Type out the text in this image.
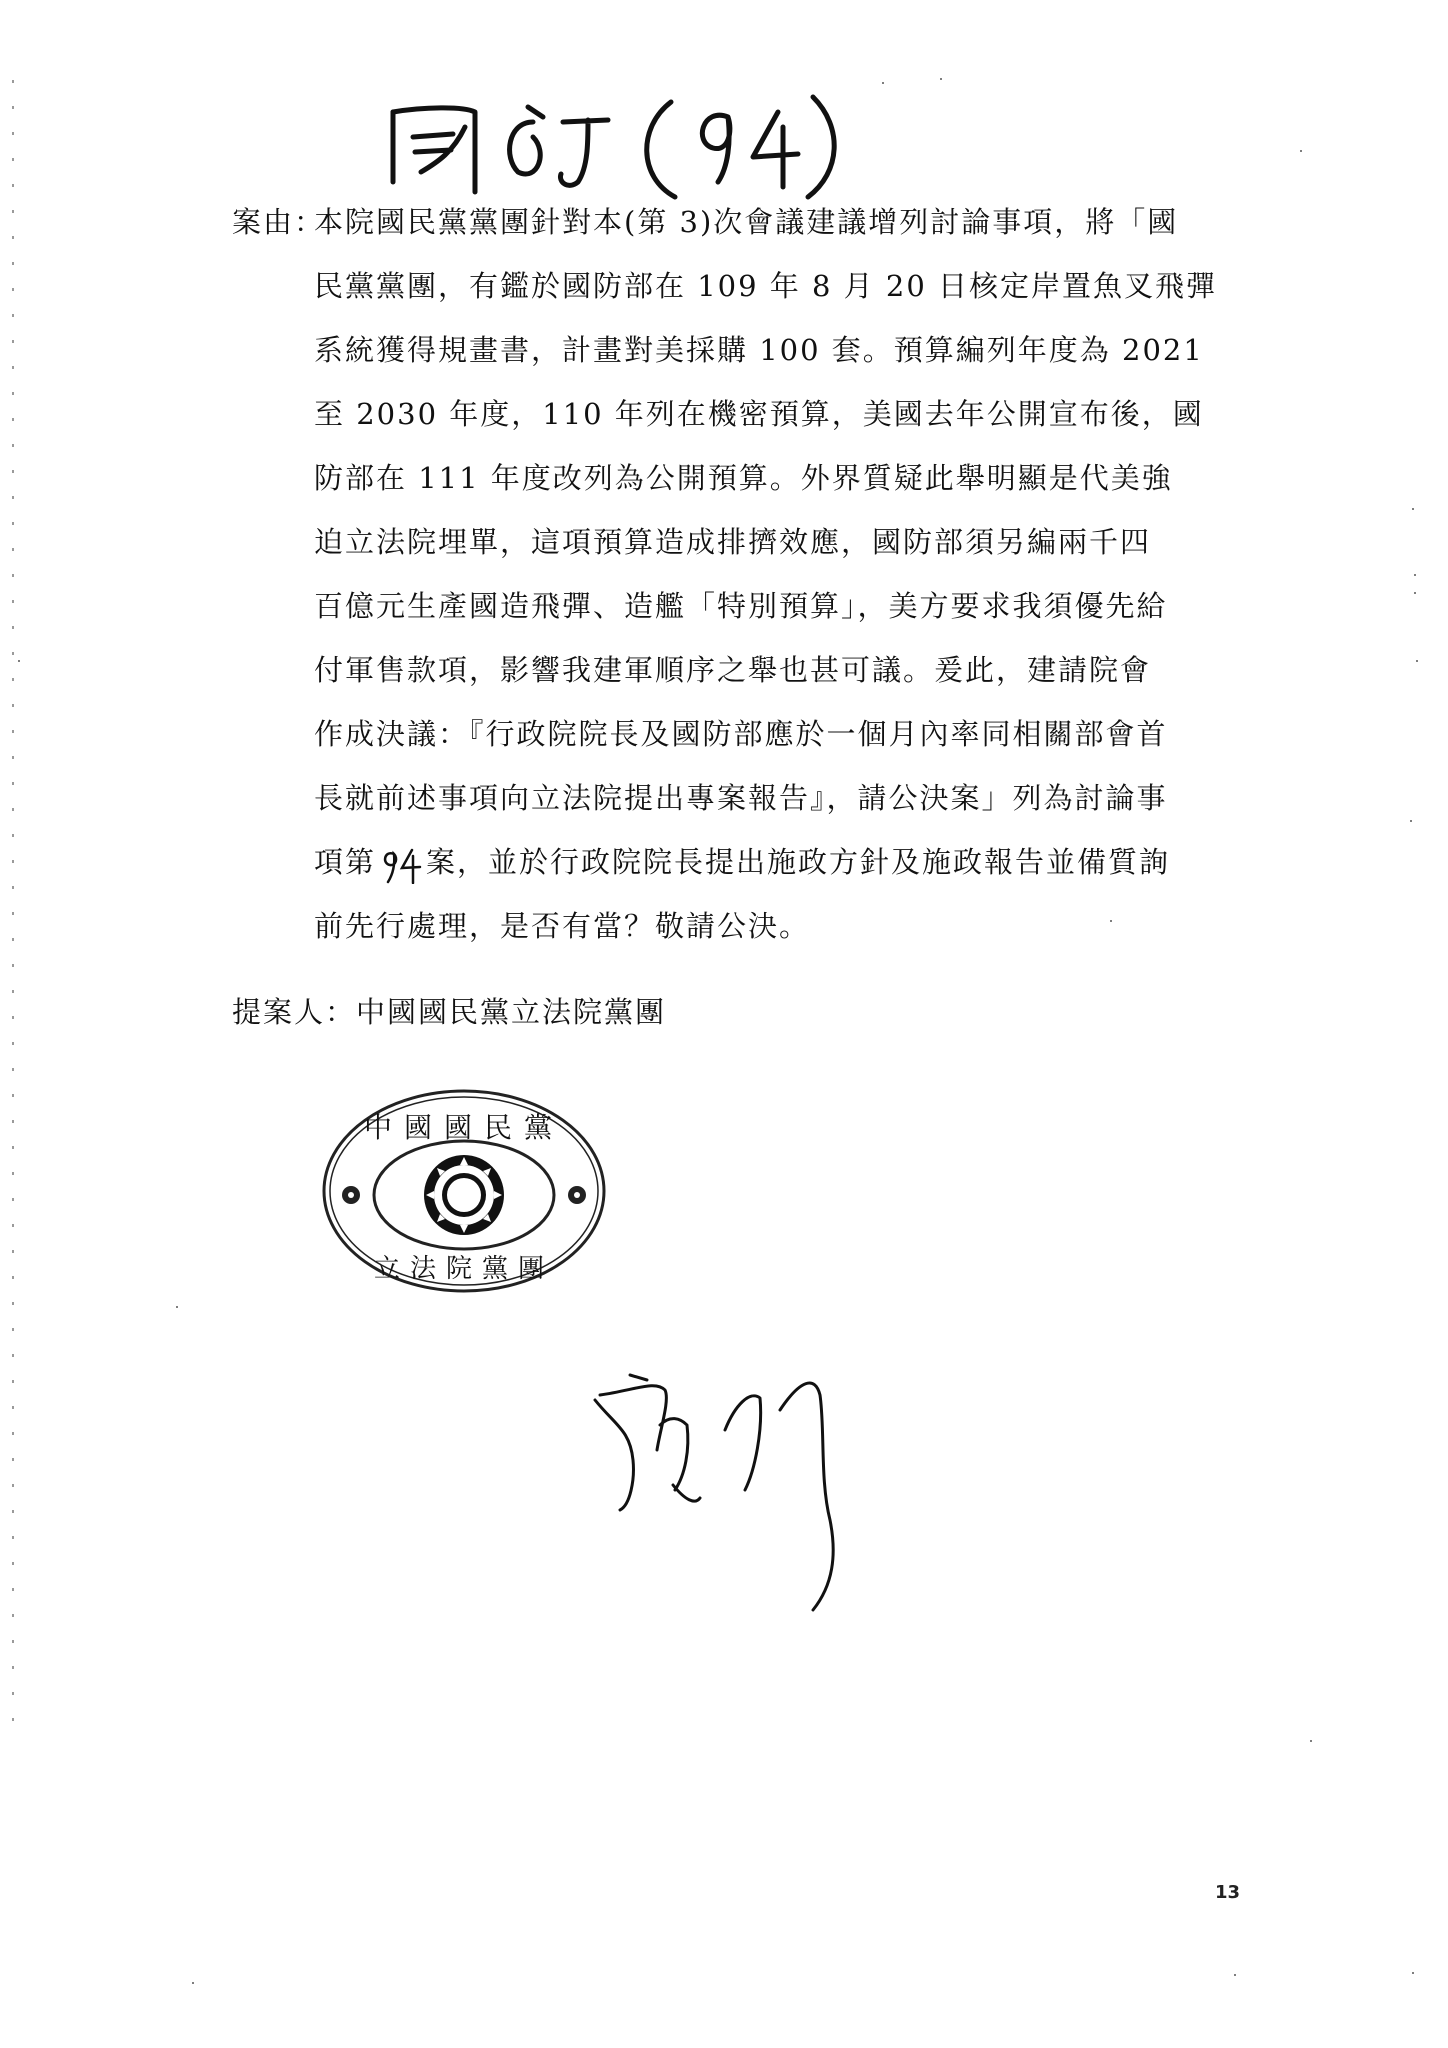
案由：
本院國民黨黨團針對本(第 3)次會議建議增列討論事項，將「國
民黨黨團，有鑑於國防部在 109 年 8 月 20 日核定岸置魚叉飛彈
系統獲得規畫書，計畫對美採購 100 套。預算編列年度為 2021
至 2030 年度，110 年列在機密預算，美國去年公開宣布後，國
防部在 111 年度改列為公開預算。外界質疑此舉明顯是代美強
迫立法院埋單，這項預算造成排擠效應，國防部須另編兩千四
百億元生產國造飛彈、造艦「特別預算」，美方要求我須優先給
付軍售款項，影響我建軍順序之舉也甚可議。爰此，建請院會
作成決議：『行政院院長及國防部應於一個月內率同相關部會首
長就前述事項向立法院提出專案報告』，請公決案」列為討論事
項第 案，並於行政院院長提出施政方針及施政報告並備質詢
前先行處理，是否有當？敬請公決。
提案人：中國國民黨立法院黨團
中國國民黨
立法院黨團
13
